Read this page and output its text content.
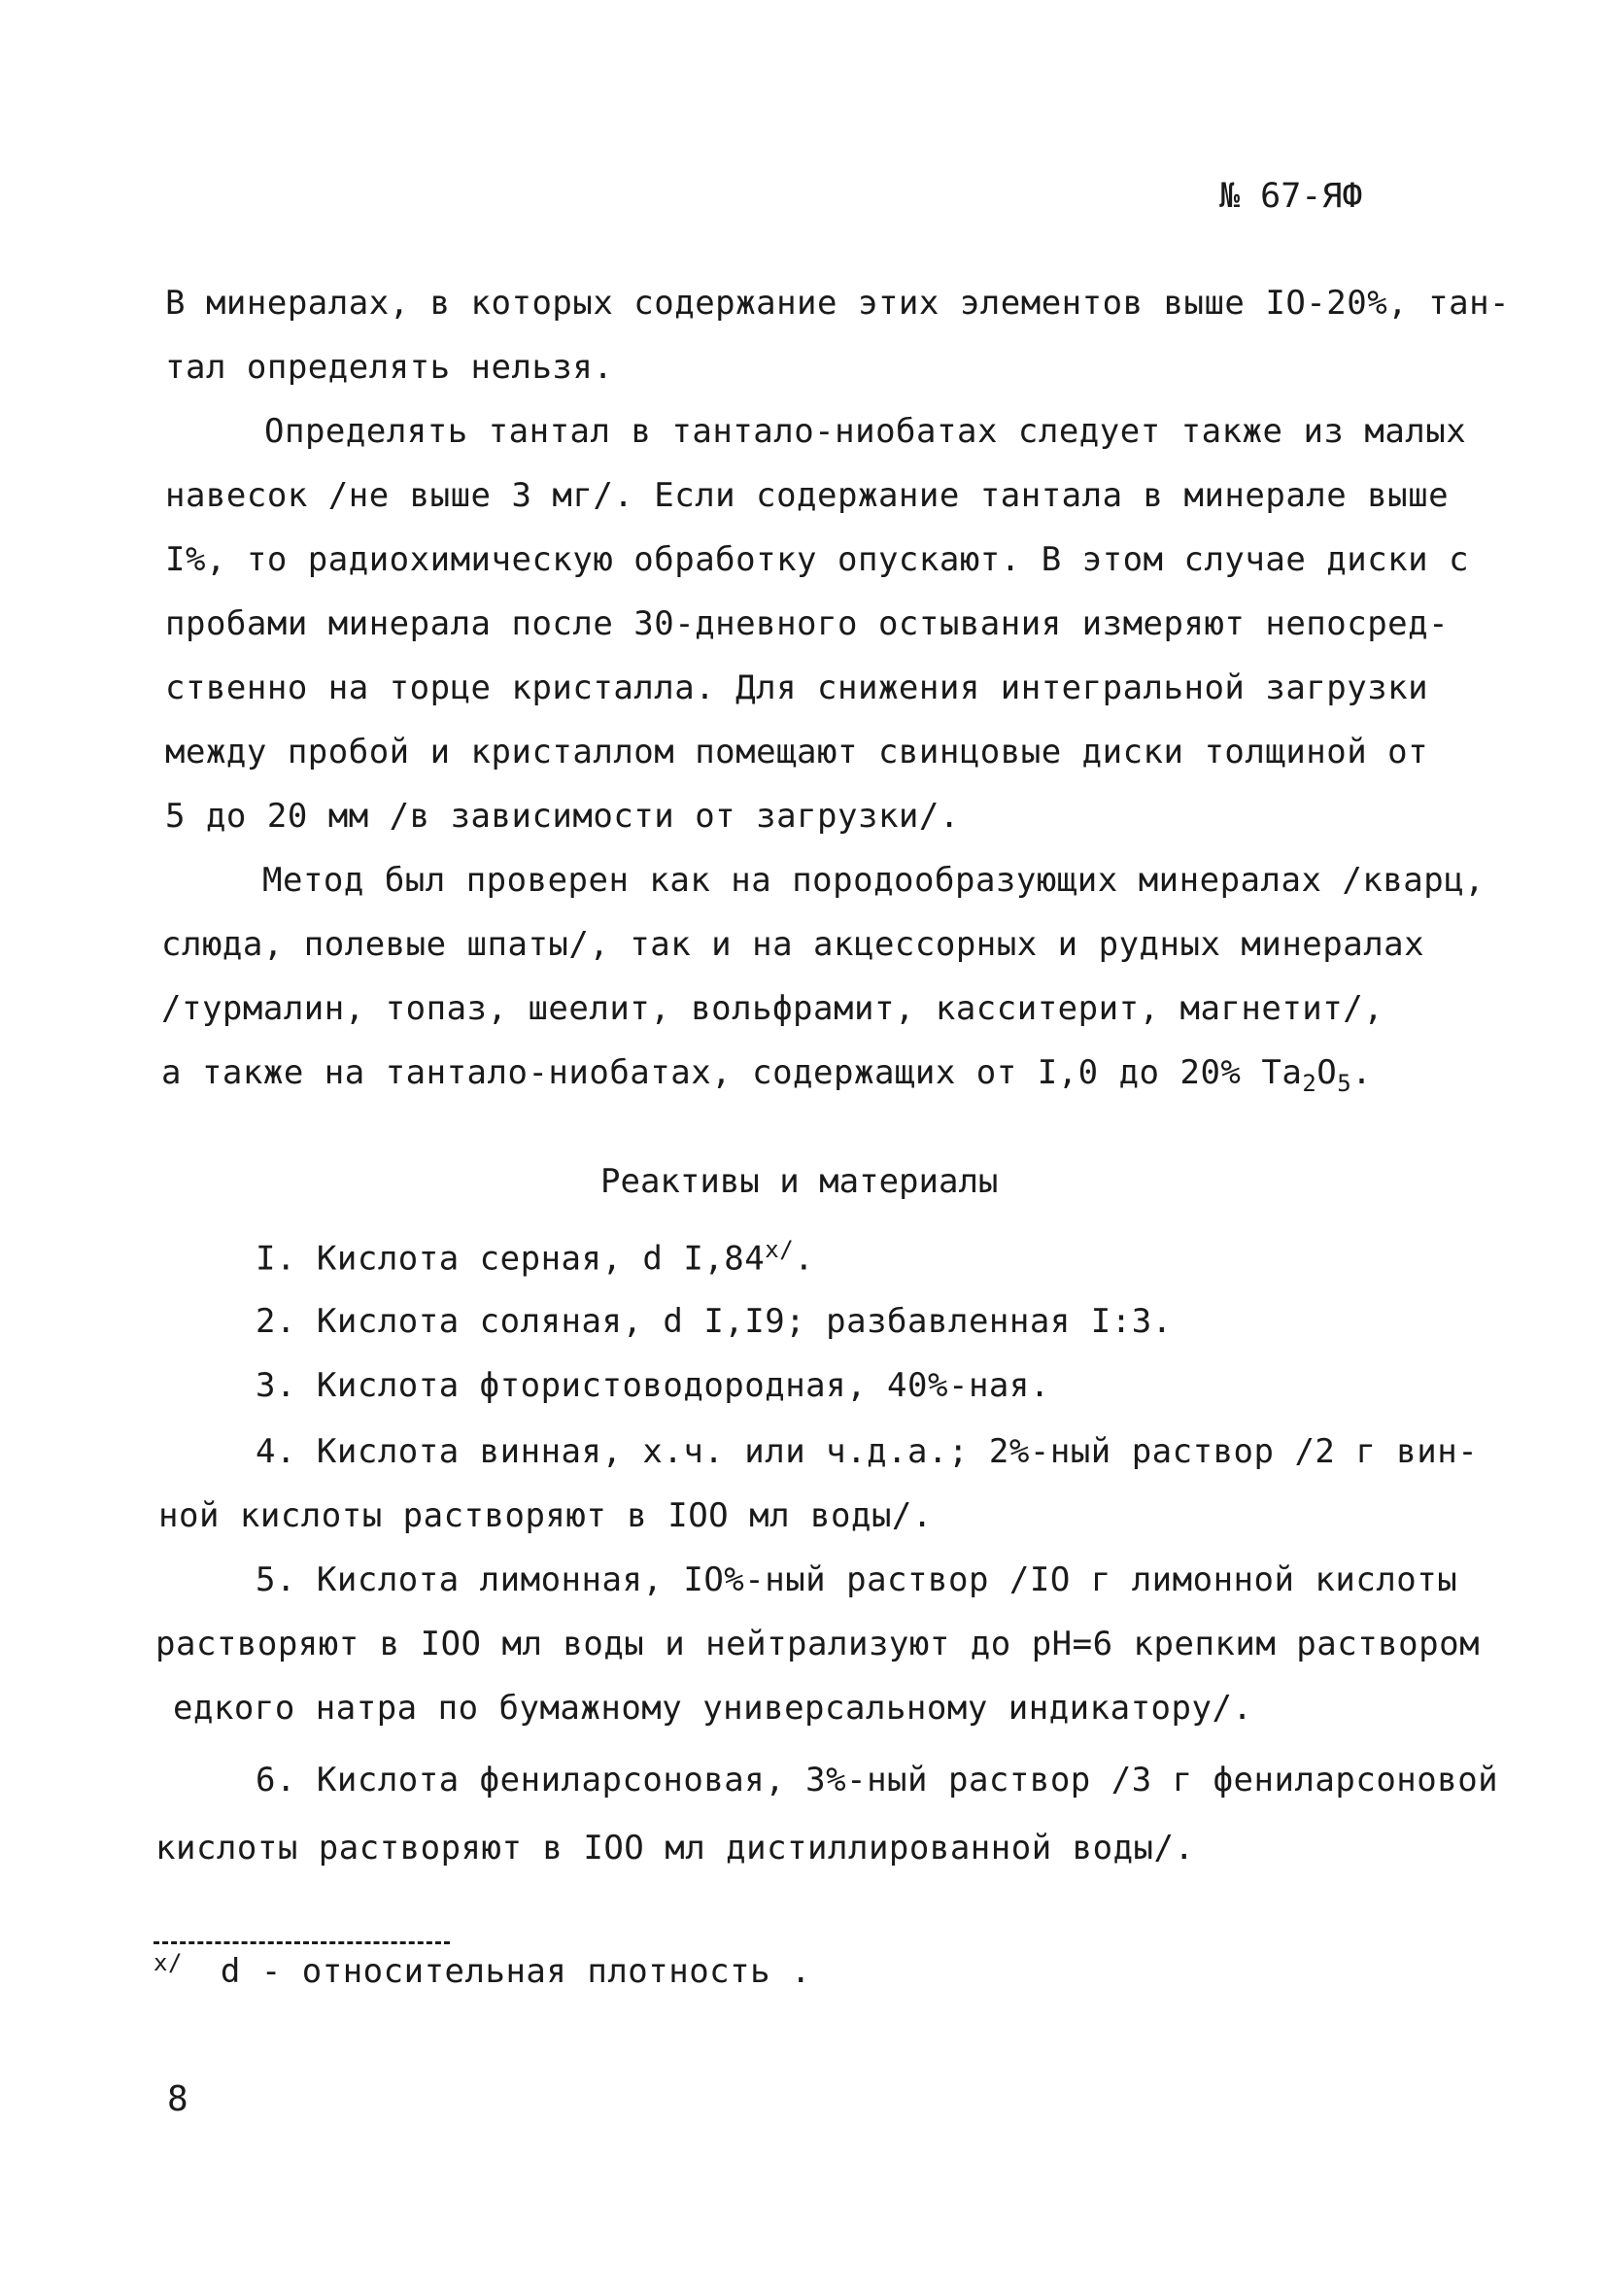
№ 67-ЯФ
В минералах, в которых содержание этих элементов выше IO-20%, тан-
тал определять нельзя.
Определять тантал в тантало-ниобатах следует также из малых
навесок /не выше 3 мг/. Если содержание тантала в минерале выше
I%, то радиохимическую обработку опускают. В этом случае диски с
пробами минерала после 30-дневного остывания измеряют непосред-
ственно на торце кристалла. Для снижения интегральной загрузки
между пробой и кристаллом помещают свинцовые диски толщиной от
5 до 20 мм /в зависимости от загрузки/.
Метод был проверен как на породообразующих минералах /кварц,
слюда, полевые шпаты/, так и на акцессорных и рудных минералах
/турмалин, топаз, шеелит, вольфрамит, касситерит, магнетит/,
а также на тантало-ниобатах, содержащих от I,0 до 20% $Ta_2O_5$.
Реактивы и материалы
I. Кислота серная, d $I,84^{x/}$.
2. Кислота соляная, d I,I9; разбавленная I:3.
3. Кислота фтористоводородная, 40%-ная.
4. Кислота винная, х.ч. или ч.д.а.; 2%-ный раствор /2 г вин-
ной кислоты растворяют в IOO мл воды/.
5. Кислота лимонная, IO%-ный раствор /IO г лимонной кислоты
растворяют в IOO мл воды и нейтрализуют до pH=6 крепким раствором
едкого натра по бумажному универсальному индикатору/.
6. Кислота фениларсоновая, 3%-ный раствор /3 г фениларсоновой
кислоты растворяют в IOO мл дистиллированной воды/.
$^{x/}$ d - относительная плотность .
8
